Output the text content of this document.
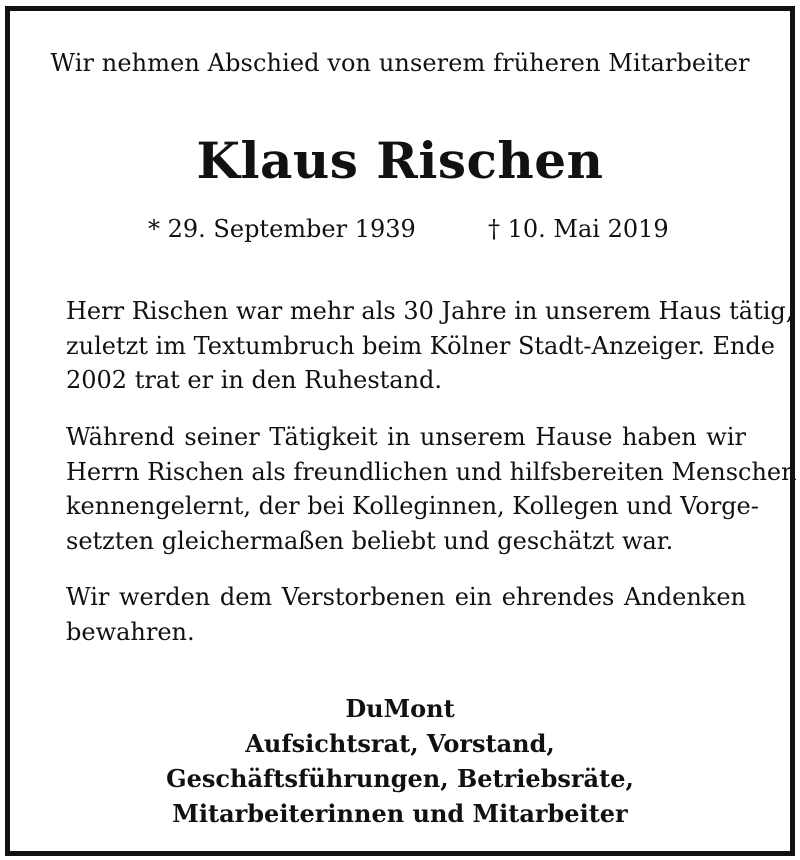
Wir nehmen Abschied von unserem früheren Mitarbeiter
Klaus Rischen
* 29. September 1939	† 10. Mai 2019
Herr Rischen war mehr als 30 Jahre in unserem Haus tätig,
zuletzt im Textumbruch beim Kölner Stadt-Anzeiger. Ende
2002 trat er in den Ruhestand.
Während seiner Tätigkeit in unserem Hause haben wir
Herrn Rischen als freundlichen und hilfsbereiten Menschen
kennengelernt, der bei Kolleginnen, Kollegen und Vorge-
setzten gleichermaßen beliebt und geschätzt war.
Wir werden dem Verstorbenen ein ehrendes Andenken
bewahren.
DuMont
Aufsichtsrat, Vorstand,
Geschäftsführungen, Betriebsräte,
Mitarbeiterinnen und Mitarbeiter
